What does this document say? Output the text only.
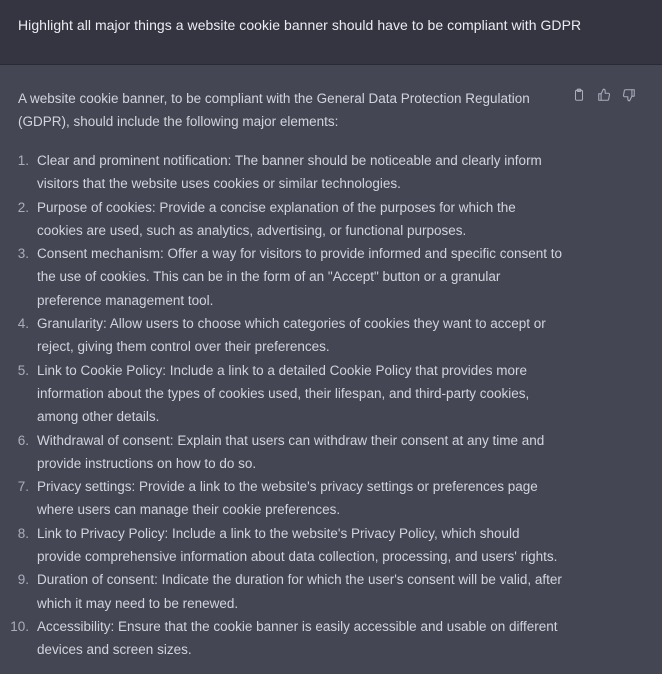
Highlight all major things a website cookie banner should have to be compliant with GDPR
A website cookie banner, to be compliant with the General Data Protection Regulation (GDPR), should include the following major elements:
1. Clear and prominent notification: The banner should be noticeable and clearly inform visitors that the website uses cookies or similar technologies.
2. Purpose of cookies: Provide a concise explanation of the purposes for which the cookies are used, such as analytics, advertising, or functional purposes.
3. Consent mechanism: Offer a way for visitors to provide informed and specific consent to the use of cookies. This can be in the form of an "Accept" button or a granular preference management tool.
4. Granularity: Allow users to choose which categories of cookies they want to accept or reject, giving them control over their preferences.
5. Link to Cookie Policy: Include a link to a detailed Cookie Policy that provides more information about the types of cookies used, their lifespan, and third-party cookies, among other details.
6. Withdrawal of consent: Explain that users can withdraw their consent at any time and provide instructions on how to do so.
7. Privacy settings: Provide a link to the website's privacy settings or preferences page where users can manage their cookie preferences.
8. Link to Privacy Policy: Include a link to the website's Privacy Policy, which should provide comprehensive information about data collection, processing, and users' rights.
9. Duration of consent: Indicate the duration for which the user's consent will be valid, after which it may need to be renewed.
10. Accessibility: Ensure that the cookie banner is easily accessible and usable on different devices and screen sizes.
